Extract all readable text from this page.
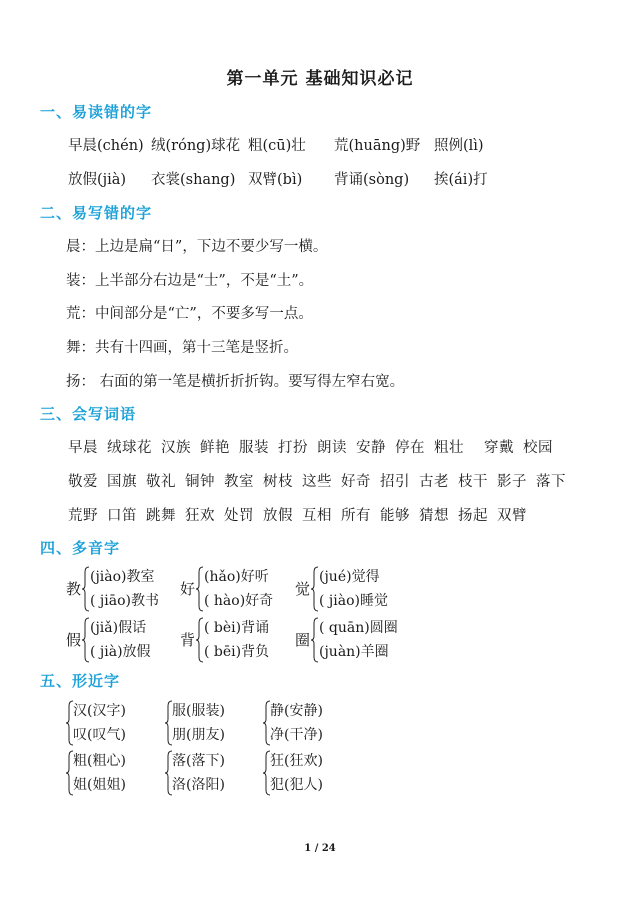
第一单元 基础知识必记
一、易读错的字
早晨(chén) 绒(róng)球花 粗(cū)壮 荒(huāng)野 照例(lì)
放假(jià) 衣裳(shang) 双臂(bì) 背诵(sòng) 挨(ái)打
二、易写错的字
晨：上边是扁“日”，下边不要少写一横。
装：上半部分右边是“士”，不是“土”。
荒：中间部分是“亡”，不要多写一点。
舞：共有十四画，第十三笔是竖折。
扬： 右面的第一笔是横折折折钩。要写得左窄右宽。
三、会写词语
早晨 绒球花 汉族 鲜艳 服装 打扮 朗读 安静 停在 粗壮 穿戴 校园
敬爱 国旗 敬礼 铜钟 教室 树枝 这些 好奇 招引 古老 枝干 影子 落下
荒野 口笛 跳舞 狂欢 处罚 放假 互相 所有 能够 猜想 扬起 双臂
四、多音字
教
(jiào)教室
( jiāo)教书
好
(hǎo)好听
( hào)好奇
觉
(jué)觉得
( jiào)睡觉
假
(jiǎ)假话
( jià)放假
背
( bèi)背诵
( bēi)背负
圈
( quān)圆圈
(juàn)羊圈
五、形近字
汉(汉字)
叹(叹气)
服(服装)
朋(朋友)
静(安静)
净(干净)
粗(粗心)
姐(姐姐)
落(落下)
洛(洛阳)
狂(狂欢)
犯(犯人)
1 / 24
